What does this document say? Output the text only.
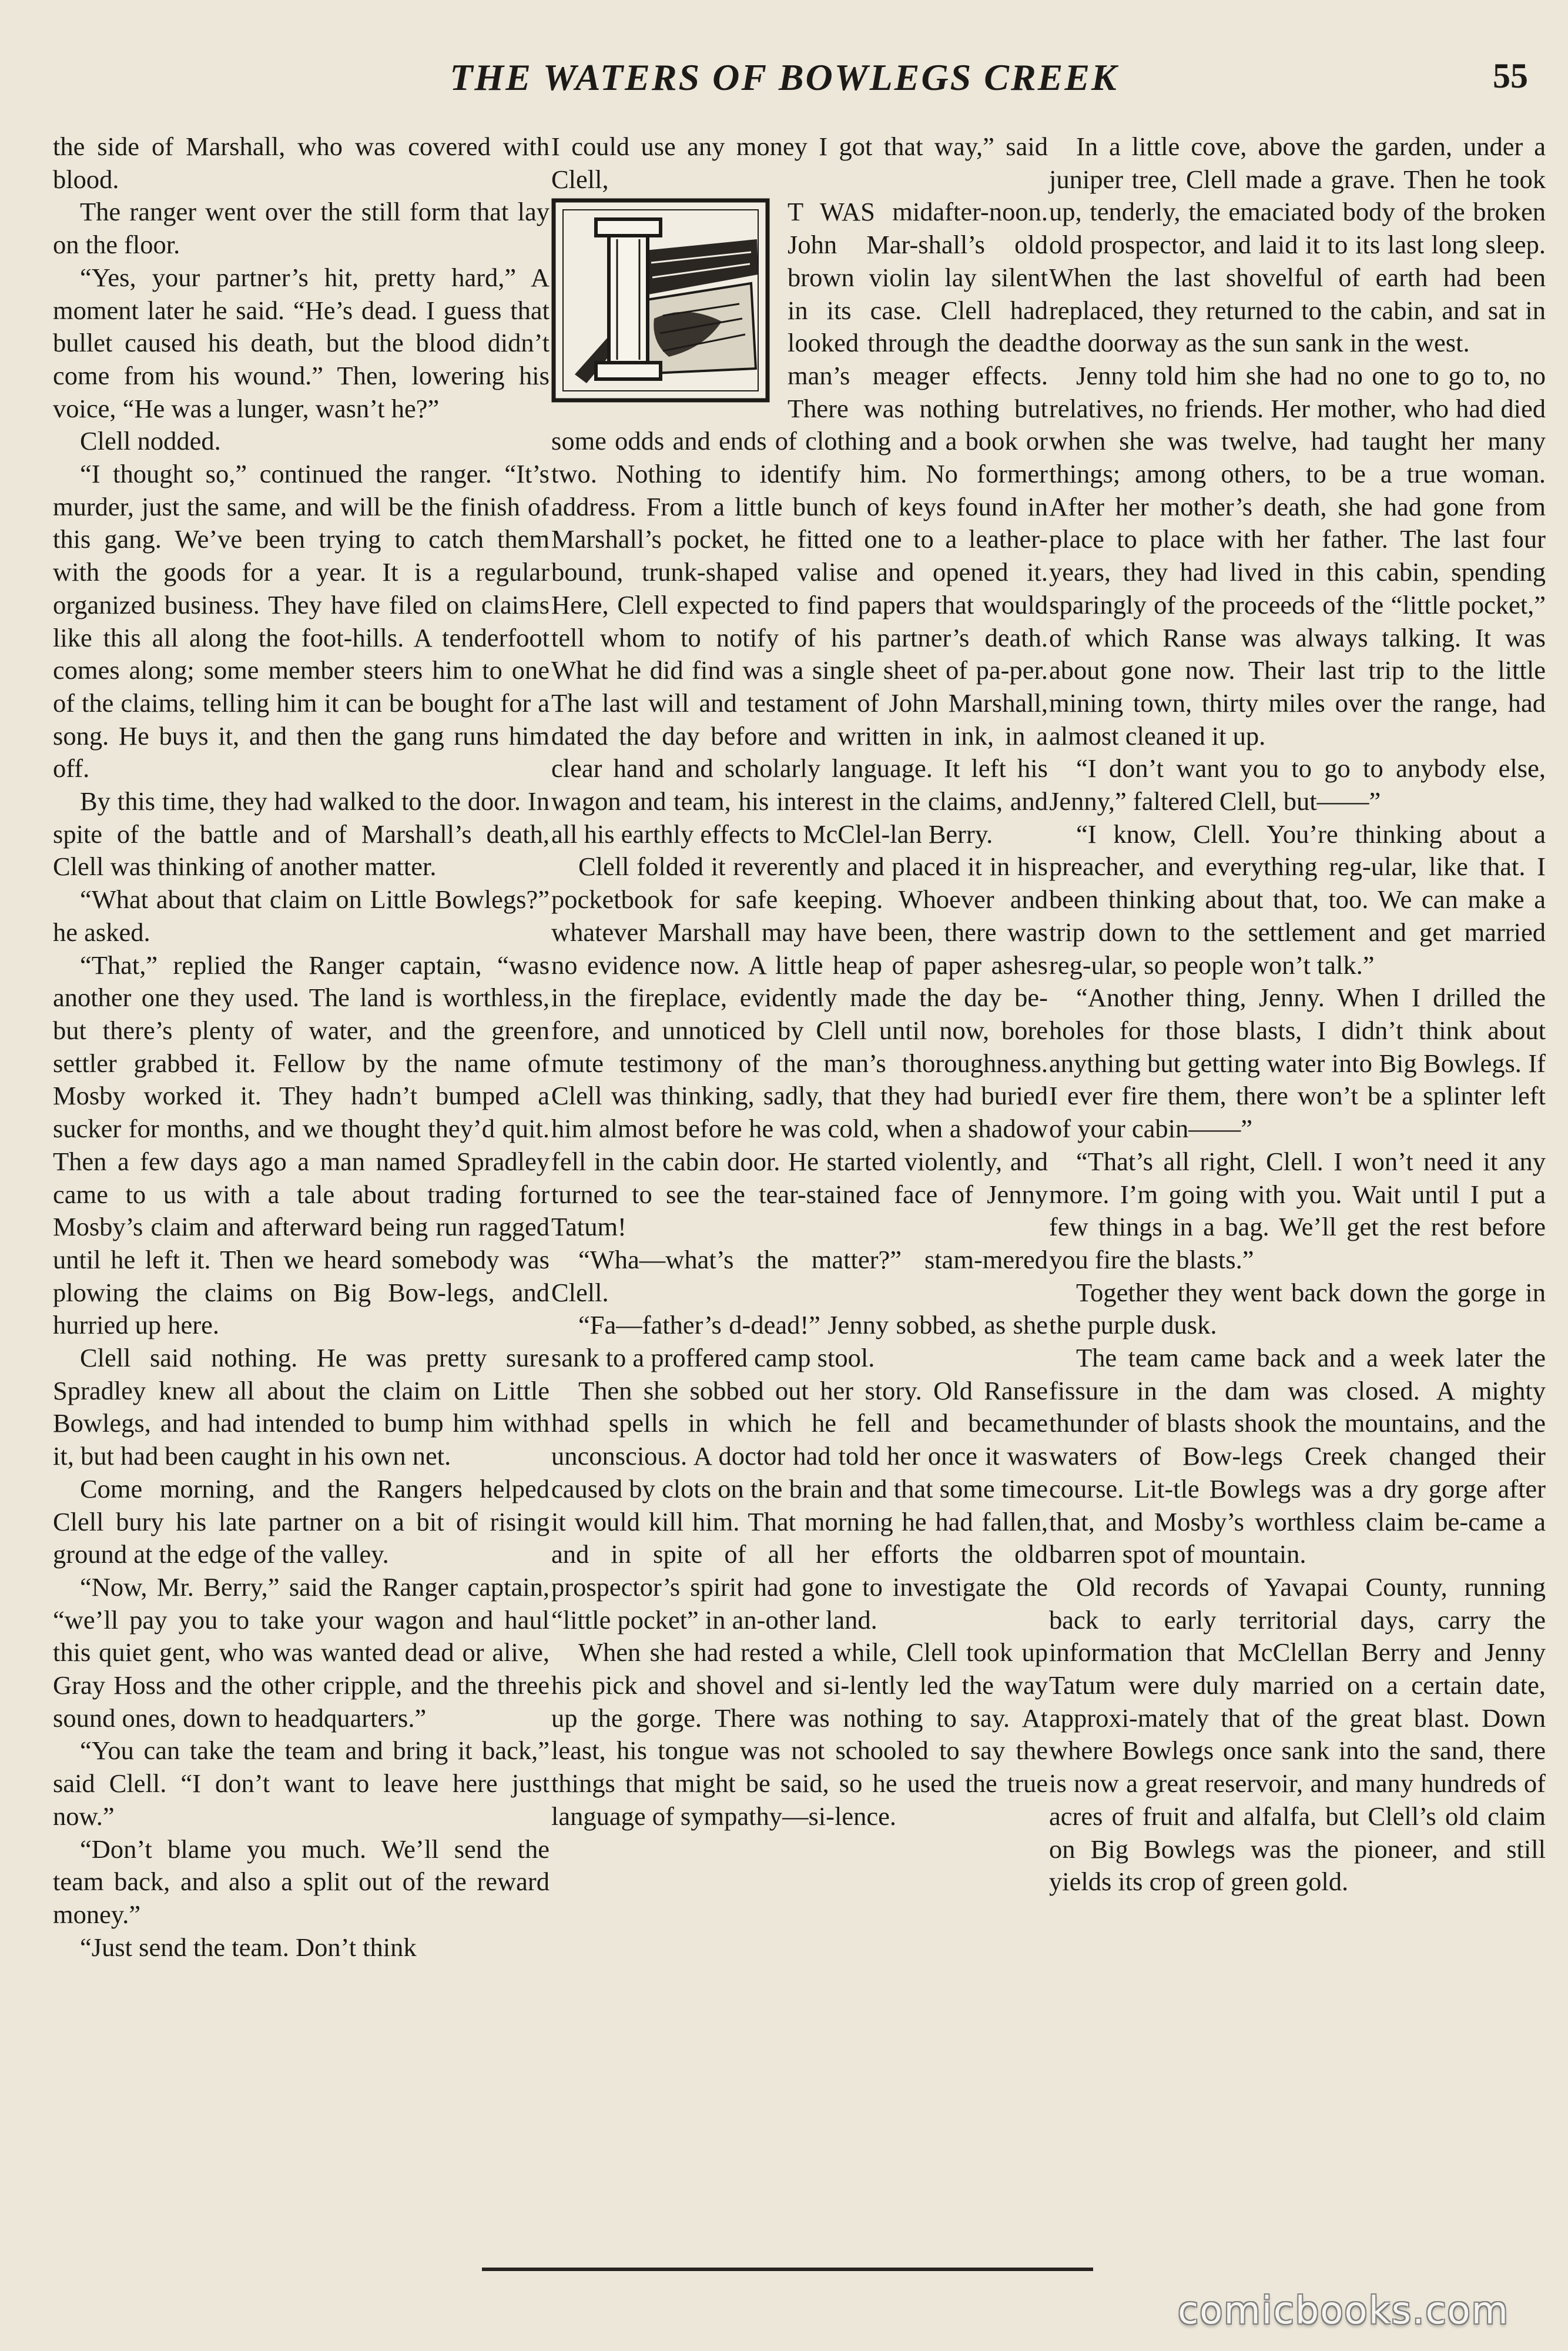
THE WATERS OF BOWLEGS CREEK	55

the side of Marshall, who was covered with blood.

The ranger went over the still form that lay on the floor.

“Yes, your partner’s hit, pretty hard,” A moment later he said. “He’s dead. I guess that bullet caused his death, but the blood didn’t come from his wound.” Then, lowering his voice, “He was a lunger, wasn’t he?”

Clell nodded.

“I thought so,” continued the ranger. “It’s murder, just the same, and will be the finish of this gang. We’ve been trying to catch them with the goods for a year. It is a regular organized business. They have filed on claims like this all along the foot-hills. A tenderfoot comes along; some member steers him to one of the claims, telling him it can be bought for a song. He buys it, and then the gang runs him off.

By this time, they had walked to the door. In spite of the battle and of Marshall’s death, Clell was thinking of another matter.

“What about that claim on Little Bowlegs?” he asked.

“That,” replied the Ranger captain, “was another one they used. The land is worthless, but there’s plenty of water, and the green settler grabbed it. Fellow by the name of Mosby worked it. They hadn’t bumped a sucker for months, and we thought they’d quit. Then a few days ago a man named Spradley came to us with a tale about trading for Mosby’s claim and afterward being run ragged until he left it. Then we heard somebody was plowing the claims on Big Bow-legs, and hurried up here.

Clell said nothing. He was pretty sure Spradley knew all about the claim on Little Bowlegs, and had intended to bump him with it, but had been caught in his own net.

Come morning, and the Rangers helped Clell bury his late partner on a bit of rising ground at the edge of the valley.

“Now, Mr. Berry,” said the Ranger captain, “we’ll pay you to take your wagon and haul this quiet gent, who was wanted dead or alive, Gray Hoss and the other cripple, and the three sound ones, down to headquarters.”

“You can take the team and bring it back,” said Clell. “I don’t want to leave here just now.”

“Don’t blame you much. We’ll send the team back, and also a split out of the reward money.”

“Just send the team. Don’t think

I could use any money I got that way,” said Clell,

T WAS midafter-noon. John Mar-shall’s old brown violin lay silent in its case. Clell had looked through the dead man’s meager effects. There was nothing but some odds and ends of clothing and a book or two. Nothing to identify him. No former address. From a little bunch of keys found in Marshall’s pocket, he fitted one to a leather-bound, trunk-shaped valise and opened it. Here, Clell expected to find papers that would tell whom to notify of his partner’s death. What he did find was a single sheet of pa-per. The last will and testament of John Marshall, dated the day before and written in ink, in a clear hand and scholarly language. It left his wagon and team, his interest in the claims, and all his earthly effects to McClel-lan Berry.

Clell folded it reverently and placed it in his pocketbook for safe keeping. Whoever and whatever Marshall may have been, there was no evidence now. A little heap of paper ashes in the fireplace, evidently made the day be-fore, and unnoticed by Clell until now, bore mute testimony of the man’s thoroughness. Clell was thinking, sadly, that they had buried him almost before he was cold, when a shadow fell in the cabin door. He started violently, and turned to see the tear-stained face of Jenny Tatum!

“Wha—what’s the matter?” stam-mered Clell.

“Fa—father’s d-dead!” Jenny sobbed, as she sank to a proffered camp stool.

Then she sobbed out her story. Old Ranse had spells in which he fell and became unconscious. A doctor had told her once it was caused by clots on the brain and that some time it would kill him. That morning he had fallen, and in spite of all her efforts the old prospector’s spirit had gone to investigate the “little pocket” in an-other land.

When she had rested a while, Clell took up his pick and shovel and si-lently led the way up the gorge. There was nothing to say. At least, his tongue was not schooled to say the things that might be said, so he used the true language of sympathy—si-lence.

In a little cove, above the garden, under a juniper tree, Clell made a grave. Then he took up, tenderly, the emaciated body of the broken old prospector, and laid it to its last long sleep. When the last shovelful of earth had been replaced, they returned to the cabin, and sat in the doorway as the sun sank in the west.

Jenny told him she had no one to go to, no relatives, no friends. Her mother, who had died when she was twelve, had taught her many things; among others, to be a true woman. After her mother’s death, she had gone from place to place with her father. The last four years, they had lived in this cabin, spending sparingly of the proceeds of the “little pocket,” of which Ranse was always talking. It was about gone now. Their last trip to the little mining town, thirty miles over the range, had almost cleaned it up.

“I don’t want you to go to anybody else, Jenny,” faltered Clell, but——”

“I know, Clell. You’re thinking about a preacher, and everything reg-ular, like that. I been thinking about that, too. We can make a trip down to the settlement and get married reg-ular, so people won’t talk.”

“Another thing, Jenny. When I drilled the holes for those blasts, I didn’t think about anything but getting water into Big Bowlegs. If I ever fire them, there won’t be a splinter left of your cabin——”

“That’s all right, Clell. I won’t need it any more. I’m going with you. Wait until I put a few things in a bag. We’ll get the rest before you fire the blasts.”

Together they went back down the gorge in the purple dusk.

The team came back and a week later the fissure in the dam was closed. A mighty thunder of blasts shook the mountains, and the waters of Bow-legs Creek changed their course. Lit-tle Bowlegs was a dry gorge after that, and Mosby’s worthless claim be-came a barren spot of mountain.

Old records of Yavapai County, running back to early territorial days, carry the information that McClellan Berry and Jenny Tatum were duly married on a certain date, approxi-mately that of the great blast. Down where Bowlegs once sank into the sand, there is now a great reservoir, and many hundreds of acres of fruit and alfalfa, but Clell’s old claim on Big Bowlegs was the pioneer, and still yields its crop of green gold.

comicbooks.com
